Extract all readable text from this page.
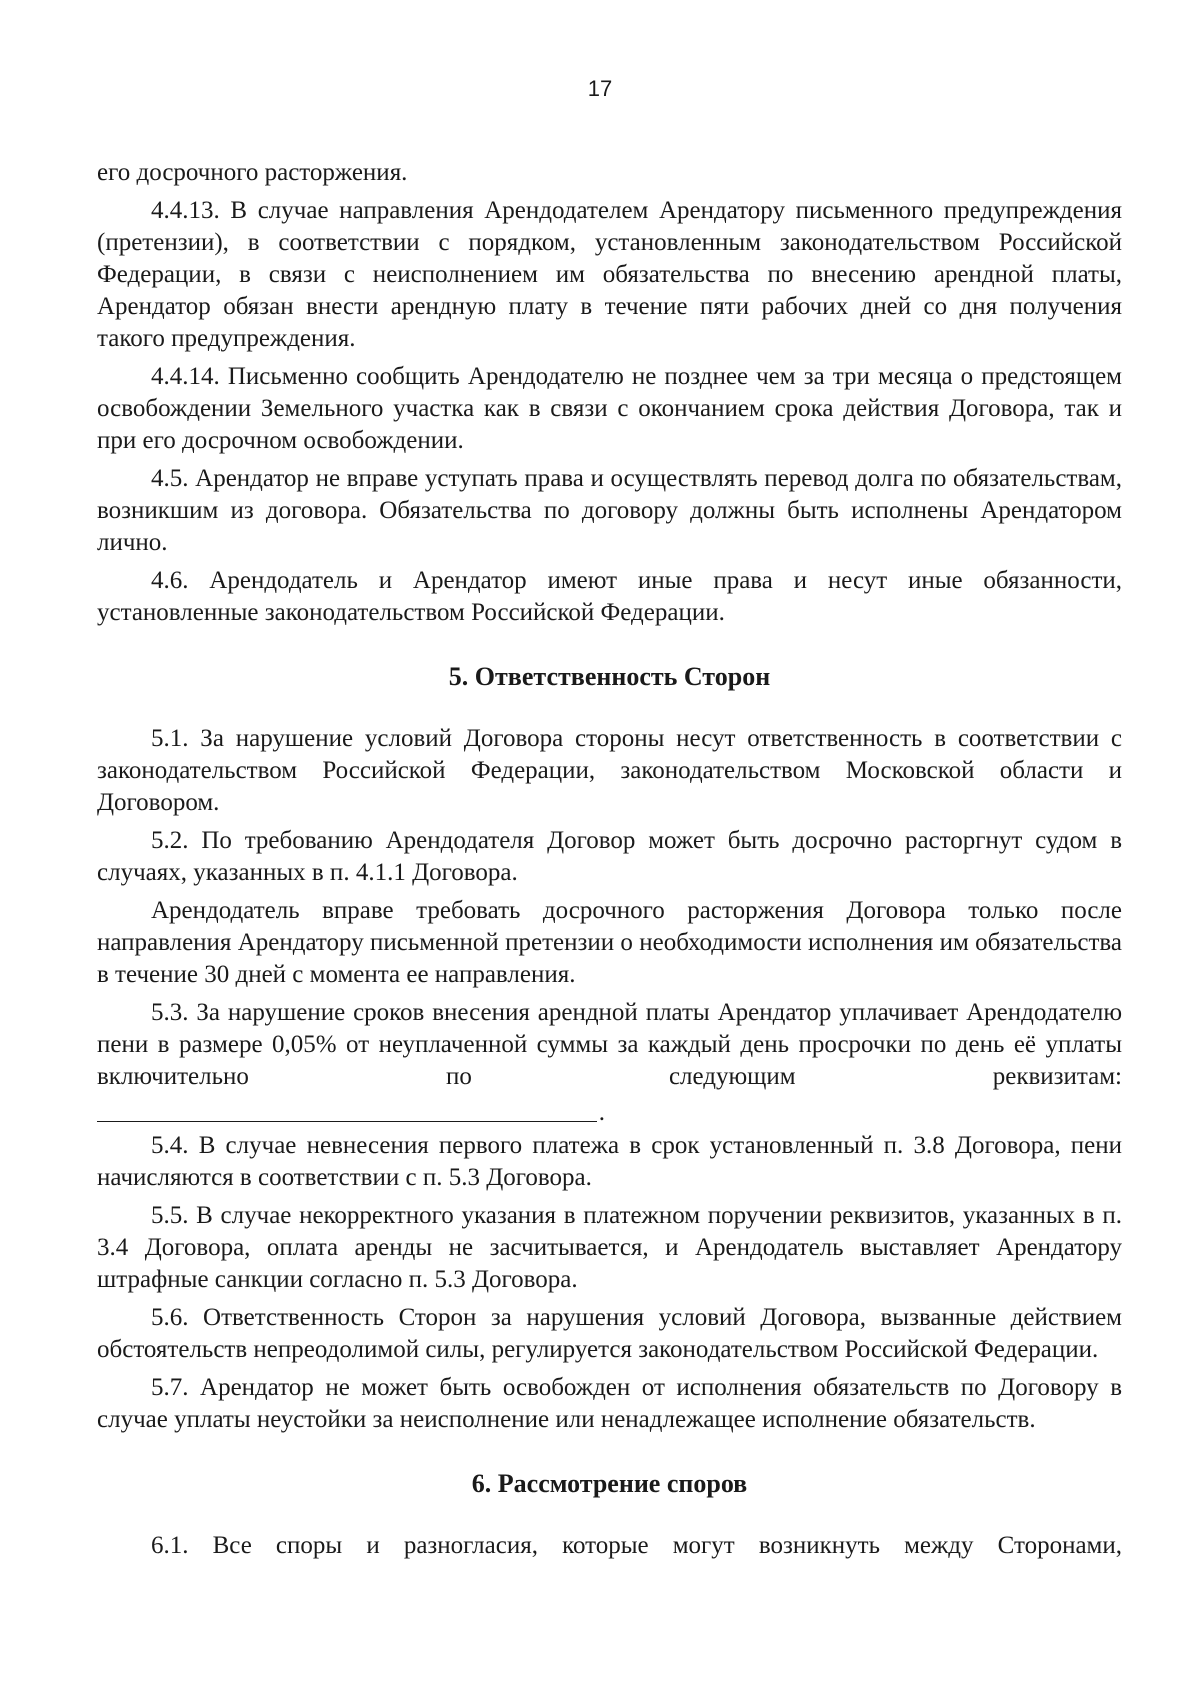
17

его досрочного расторжения.

4.4.13. В случае направления Арендодателем Арендатору письменного предупреждения (претензии), в соответствии с порядком, установленным законодательством Российской Федерации, в связи с неисполнением им обязательства по внесению арендной платы, Арендатор обязан внести арендную плату в течение пяти рабочих дней со дня получения такого предупреждения.

4.4.14. Письменно сообщить Арендодателю не позднее чем за три месяца о предстоящем освобождении Земельного участка как в связи с окончанием срока действия Договора, так и при его досрочном освобождении.

4.5. Арендатор не вправе уступать права и осуществлять перевод долга по обязательствам, возникшим из договора. Обязательства по договору должны быть исполнены Арендатором лично.

4.6. Арендодатель и Арендатор имеют иные права и несут иные обязанности, установленные законодательством Российской Федерации.

5. Ответственность Сторон

5.1. За нарушение условий Договора стороны несут ответственность в соответствии с законодательством Российской Федерации, законодательством Московской области и Договором.

5.2. По требованию Арендодателя Договор может быть досрочно расторгнут судом в случаях, указанных в п. 4.1.1 Договора.

Арендодатель вправе требовать досрочного расторжения Договора только после направления Арендатору письменной претензии о необходимости исполнения им обязательства в течение 30 дней с момента ее направления.

5.3. За нарушение сроков внесения арендной платы Арендатор уплачивает Арендодателю пени в размере 0,05% от неуплаченной суммы за каждый день просрочки по день её уплаты включительно по следующим реквизитам:

.

5.4. В случае невнесения первого платежа в срок установленный п. 3.8 Договора, пени начисляются в соответствии с п. 5.3 Договора.

5.5. В случае некорректного указания в платежном поручении реквизитов, указанных в п. 3.4 Договора, оплата аренды не засчитывается, и Арендодатель выставляет Арендатору штрафные санкции согласно п. 5.3 Договора.

5.6. Ответственность Сторон за нарушения условий Договора, вызванные действием обстоятельств непреодолимой силы, регулируется законодательством Российской Федерации.

5.7. Арендатор не может быть освобожден от исполнения обязательств по Договору в случае уплаты неустойки за неисполнение или ненадлежащее исполнение обязательств.

6. Рассмотрение споров

6.1. Все споры и разногласия, которые могут возникнуть между Сторонами,
